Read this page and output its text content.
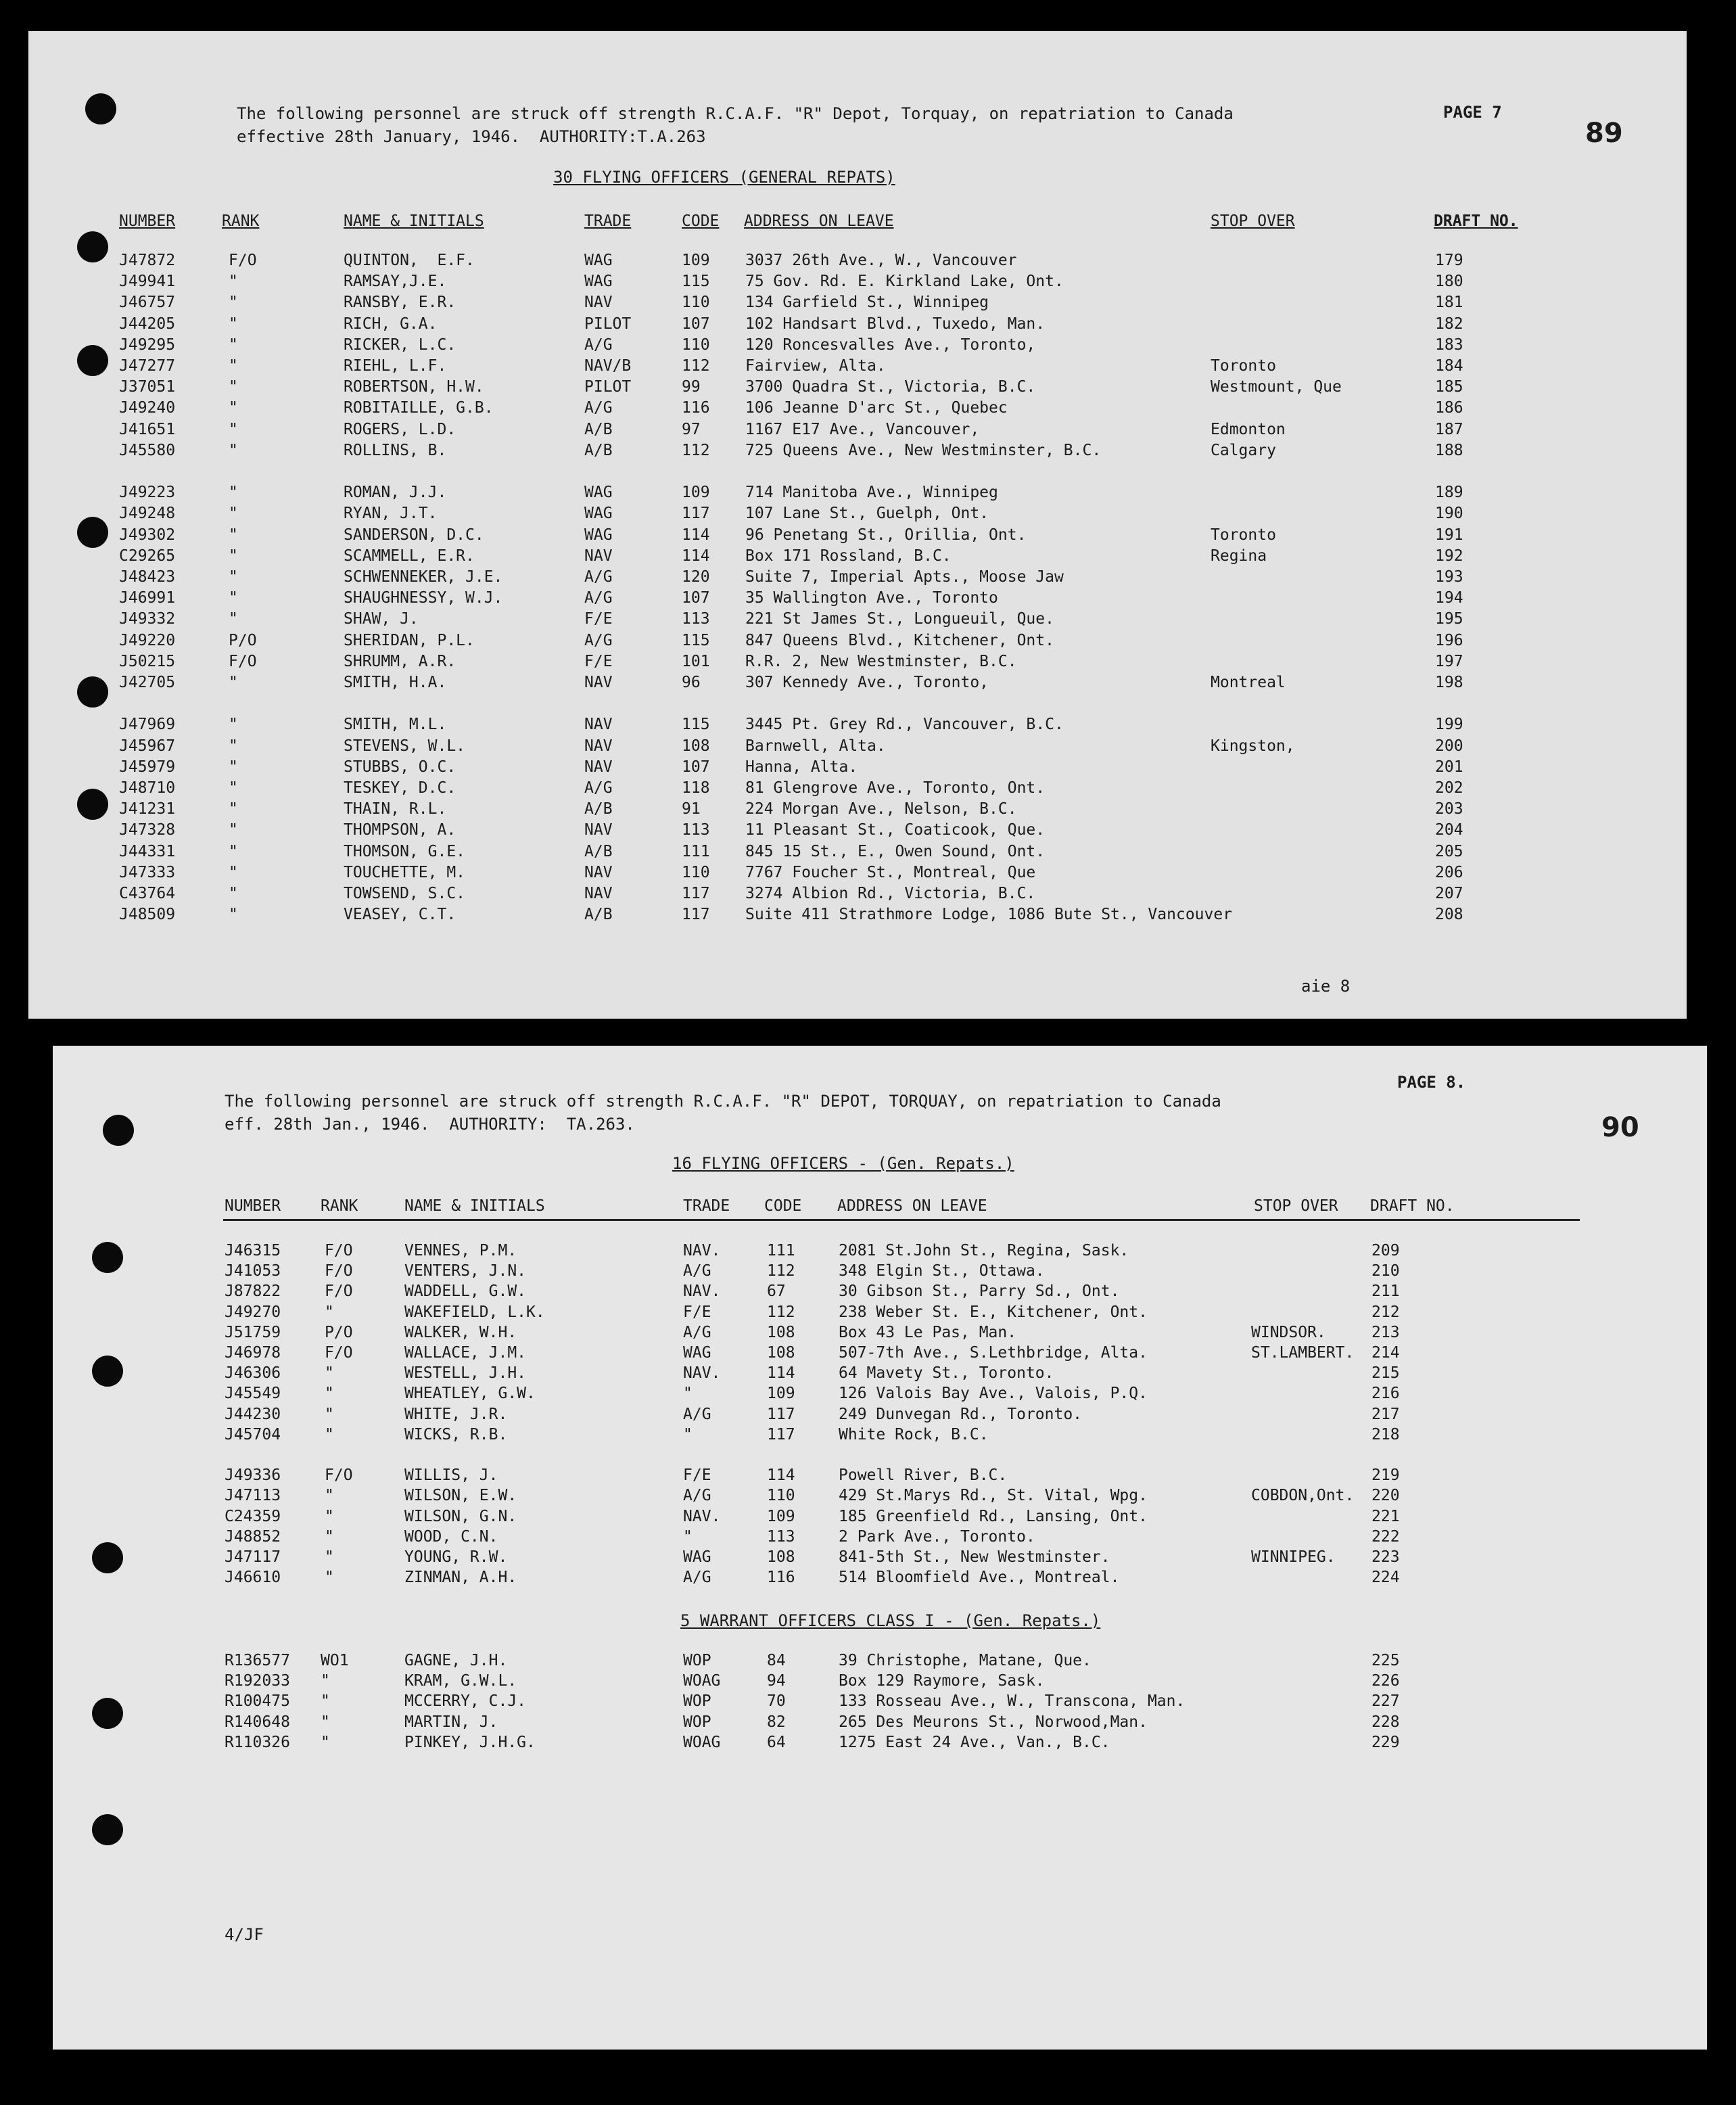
The following personnel are struck off strength R.C.A.F. "R" Depot, Torquay, on repatriation to Canada
effective 28th January, 1946.  AUTHORITY:T.A.263
PAGE 7
89
30 FLYING OFFICERS (GENERAL REPATS)
NUMBER	RANK	NAME & INITIALS	TRADE	CODE ADDRESS ON LEAVE	STOP OVER	DRAFT NO.
J47872	F/O	QUINTON,  E.F.	WAG	109 3037 26th Ave., W., Vancouver	179
J49941	"	RAMSAY,J.E.	WAG	115 75 Gov. Rd. E. Kirkland Lake, Ont.	180
J46757	"	RANSBY, E.R.	NAV	110 134 Garfield St., Winnipeg	181
J44205	"	RICH, G.A.	PILOT	107 102 Handsart Blvd., Tuxedo, Man.	182
J49295	"	RICKER, L.C.	A/G	110 120 Roncesvalles Ave., Toronto,	183
J47277	"	RIEHL, L.F.	NAV/B	112 Fairview, Alta.	Toronto	184
J37051	"	ROBERTSON, H.W.	PILOT	99	3700 Quadra St., Victoria, B.C.	Westmount, Que	185
J49240	"	ROBITAILLE, G.B.	A/G	116 106 Jeanne D'arc St., Quebec	186
J41651	"	ROGERS, L.D.	A/B	97	1167 E17 Ave., Vancouver,	Edmonton	187
J45580	"	ROLLINS, B.	A/B	112 725 Queens Ave., New Westminster, B.C.	Calgary	188
J49223	"	ROMAN, J.J.	WAG	109 714 Manitoba Ave., Winnipeg	189
J49248	"	RYAN, J.T.	WAG	117 107 Lane St., Guelph, Ont.	190
J49302	"	SANDERSON, D.C.	WAG	114 96 Penetang St., Orillia, Ont.	Toronto	191
C29265	"	SCAMMELL, E.R.	NAV	114 Box 171 Rossland, B.C.	Regina	192
J48423	"	SCHWENNEKER, J.E.	A/G	120 Suite 7, Imperial Apts., Moose Jaw	193
J46991	"	SHAUGHNESSY, W.J.	A/G	107 35 Wallington Ave., Toronto	194
J49332	"	SHAW, J.	F/E	113 221 St James St., Longueuil, Que.	195
J49220	P/O	SHERIDAN, P.L.	A/G	115 847 Queens Blvd., Kitchener, Ont.	196
J50215	F/O	SHRUMM, A.R.	F/E	101 R.R. 2, New Westminster, B.C.	197
J42705	"	SMITH, H.A.	NAV	96	307 Kennedy Ave., Toronto,	Montreal	198
J47969	"	SMITH, M.L.	NAV	115 3445 Pt. Grey Rd., Vancouver, B.C.	199
J45967	"	STEVENS, W.L.	NAV	108 Barnwell, Alta.	Kingston,	200
J45979	"	STUBBS, O.C.	NAV	107 Hanna, Alta.	201
J48710	"	TESKEY, D.C.	A/G	118 81 Glengrove Ave., Toronto, Ont.	202
J41231	"	THAIN, R.L.	A/B	91	224 Morgan Ave., Nelson, B.C.	203
J47328	"	THOMPSON, A.	NAV	113 11 Pleasant St., Coaticook, Que.	204
J44331	"	THOMSON, G.E.	A/B	111 845 15 St., E., Owen Sound, Ont.	205
J47333	"	TOUCHETTE, M.	NAV	110 7767 Foucher St., Montreal, Que	206
C43764	"	TOWSEND, S.C.	NAV	117 3274 Albion Rd., Victoria, B.C.	207
J48509	"	VEASEY, C.T.	A/B	117 Suite 411 Strathmore Lodge, 1086 Bute St., Vancouver	208
aie 8
The following personnel are struck off strength R.C.A.F. "R" DEPOT, TORQUAY, on repatriation to Canada
eff. 28th Jan., 1946.  AUTHORITY:  TA.263.
PAGE 8.
90
16 FLYING OFFICERS - (Gen. Repats.)
NUMBER	RANK	NAME & INITIALS	TRADE CODE ADDRESS ON LEAVE	STOP OVER DRAFT NO.
J46315	F/O	VENNES, P.M.	NAV.	111	2081 St.John St., Regina, Sask.	209
J41053	F/O	VENTERS, J.N.	A/G	112	348 Elgin St., Ottawa.	210
J87822	F/O	WADDELL, G.W.	NAV.	67	30 Gibson St., Parry Sd., Ont.	211
J49270	"	WAKEFIELD, L.K.	F/E	112	238 Weber St. E., Kitchener, Ont.	212
J51759	P/O	WALKER, W.H.	A/G	108	Box 43 Le Pas, Man.	WINDSOR.	213
J46978	F/O	WALLACE, J.M.	WAG	108	507-7th Ave., S.Lethbridge, Alta.	ST.LAMBERT. 214
J46306	"	WESTELL, J.H.	NAV.	114	64 Mavety St., Toronto.	215
J45549	"	WHEATLEY, G.W.	"	109	126 Valois Bay Ave., Valois, P.Q.	216
J44230	"	WHITE, J.R.	A/G	117	249 Dunvegan Rd., Toronto.	217
J45704	"	WICKS, R.B.	"	117	White Rock, B.C.	218
J49336	F/O	WILLIS, J.	F/E	114	Powell River, B.C.	219
J47113	"	WILSON, E.W.	A/G	110	429 St.Marys Rd., St. Vital, Wpg.	COBDON,Ont. 220
C24359	"	WILSON, G.N.	NAV.	109	185 Greenfield Rd., Lansing, Ont.	221
J48852	"	WOOD, C.N.	"	113	2 Park Ave., Toronto.	222
J47117	"	YOUNG, R.W.	WAG	108	841-5th St., New Westminster.	WINNIPEG. 223
J46610	"	ZINMAN, A.H.	A/G	116	514 Bloomfield Ave., Montreal.	224
5 WARRANT OFFICERS CLASS I - (Gen. Repats.)
R136577 WO1	GAGNE, J.H.	WOP	84	39 Christophe, Matane, Que.	225
R192033 "	KRAM, G.W.L.	WOAG	94	Box 129 Raymore, Sask.	226
R100475 "	MCCERRY, C.J.	WOP	70	133 Rosseau Ave., W., Transcona, Man.	227
R140648 "	MARTIN, J.	WOP	82	265 Des Meurons St., Norwood,Man.	228
R110326 "	PINKEY, J.H.G.	WOAG	64	1275 East 24 Ave., Van., B.C.	229
4/JF
